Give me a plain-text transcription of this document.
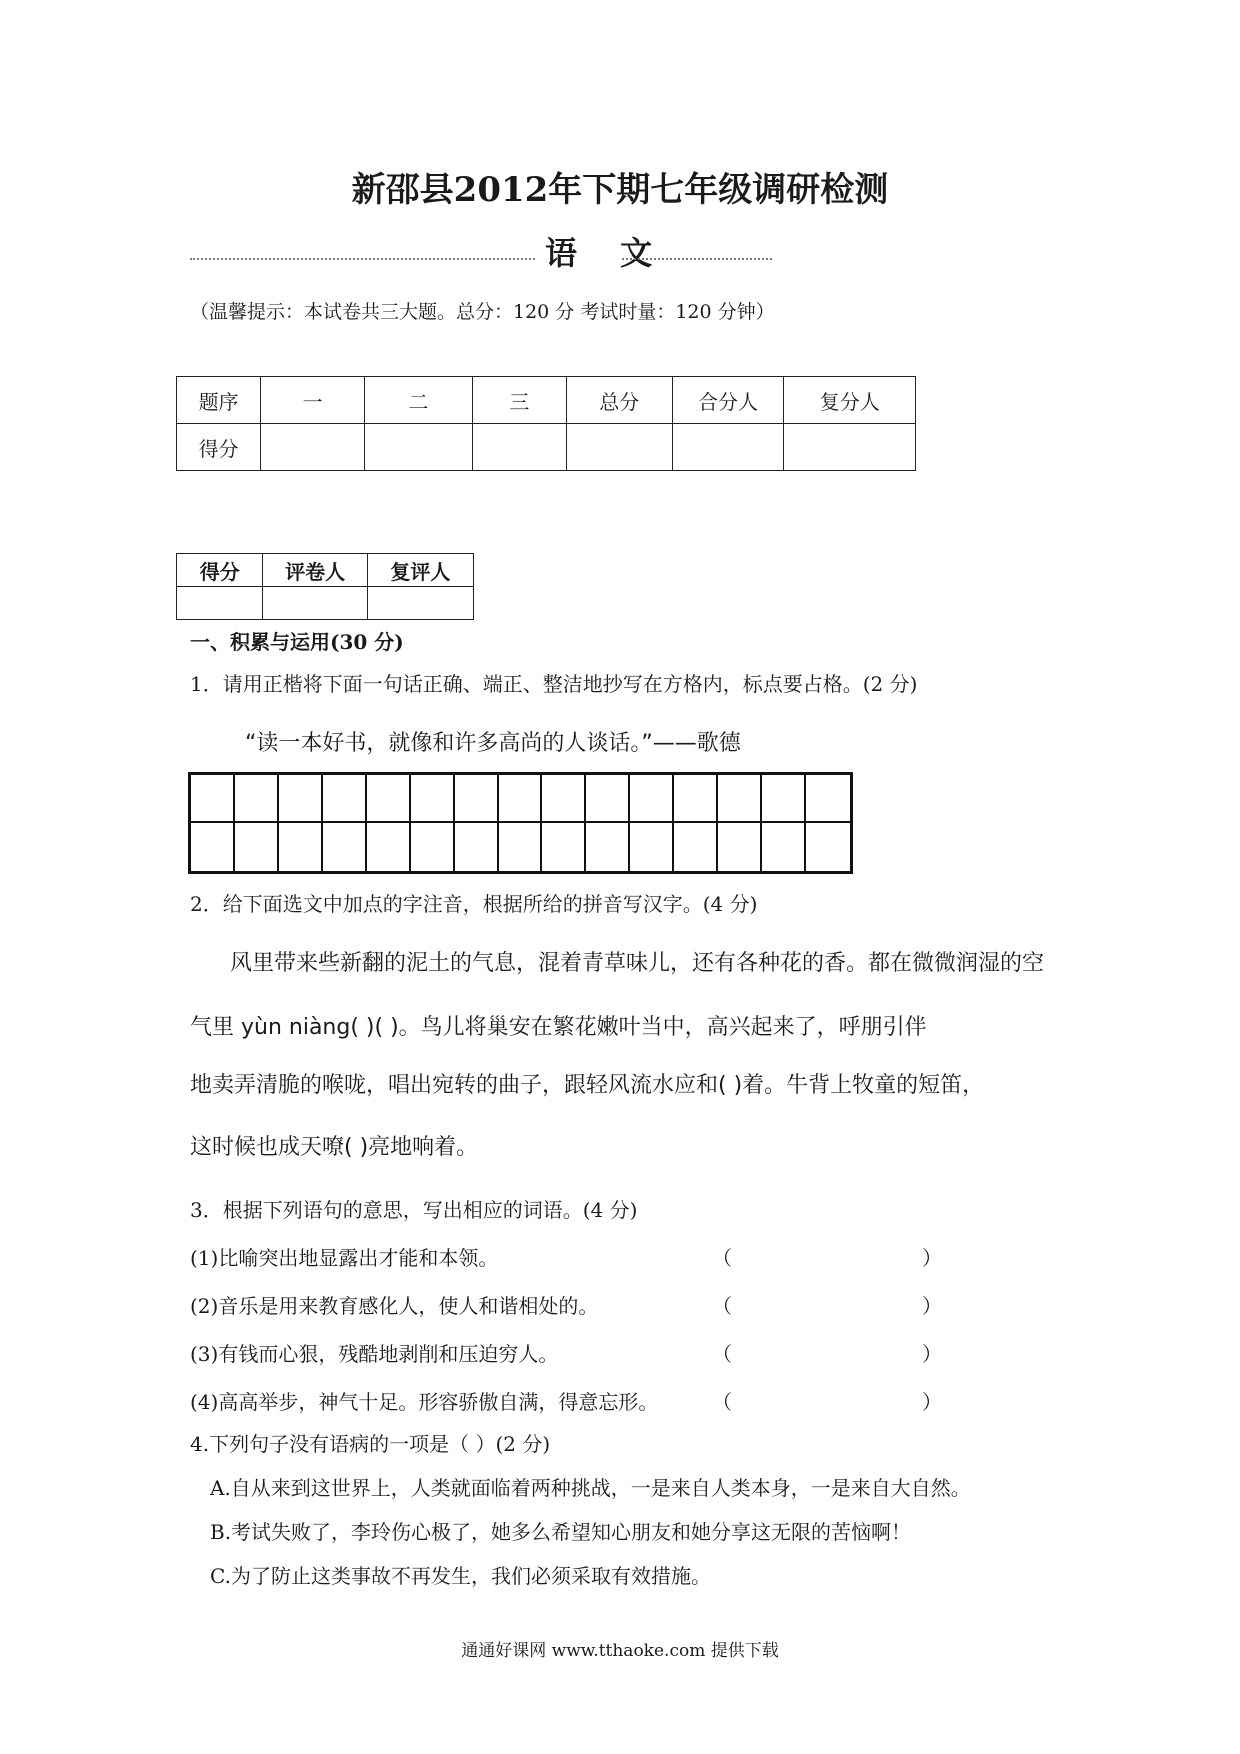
新邵县2012年下期七年级调研检测
语 文
（温馨提示：本试卷共三大题。总分：120 分 考试时量：120 分钟）
题序	一	二	三	总分	合分人	复分人
得分						
得分	评卷人	复评人

一、积累与运用(30 分)
1．请用正楷将下面一句话正确、端正、整洁地抄写在方格内，标点要占格。(2 分)
“读一本好书，就像和许多高尚的人谈话。”——歌德
2．给下面选文中加点的字注音，根据所给的拼音写汉字。(4 分)
风里带来些新翻的泥土的气息，混着青草味儿，还有各种花的香。都在微微润湿的空
气里 yùn niàng( )( )。鸟儿将巢安在繁花嫩叶当中，高兴起来了，呼朋引伴
地卖弄清脆的喉咙，唱出宛转的曲子，跟轻风流水应和( )着。牛背上牧童的短笛，
这时候也成天嘹( )亮地响着。
3．根据下列语句的意思，写出相应的词语。(4 分)
(1)比喻突出地显露出才能和本领。	（	）
(2)音乐是用来教育感化人，使人和谐相处的。	（	）
(3)有钱而心狠，残酷地剥削和压迫穷人。	（	）
(4)高高举步，神气十足。形容骄傲自满，得意忘形。	（	）
4.下列句子没有语病的一项是（ ）(2 分)
A.自从来到这世界上，人类就面临着两种挑战，一是来自人类本身，一是来自大自然。
B.考试失败了，李玲伤心极了，她多么希望知心朋友和她分享这无限的苦恼啊！
C.为了防止这类事故不再发生，我们必须采取有效措施。
通通好课网 www.tthaoke.com 提供下载
